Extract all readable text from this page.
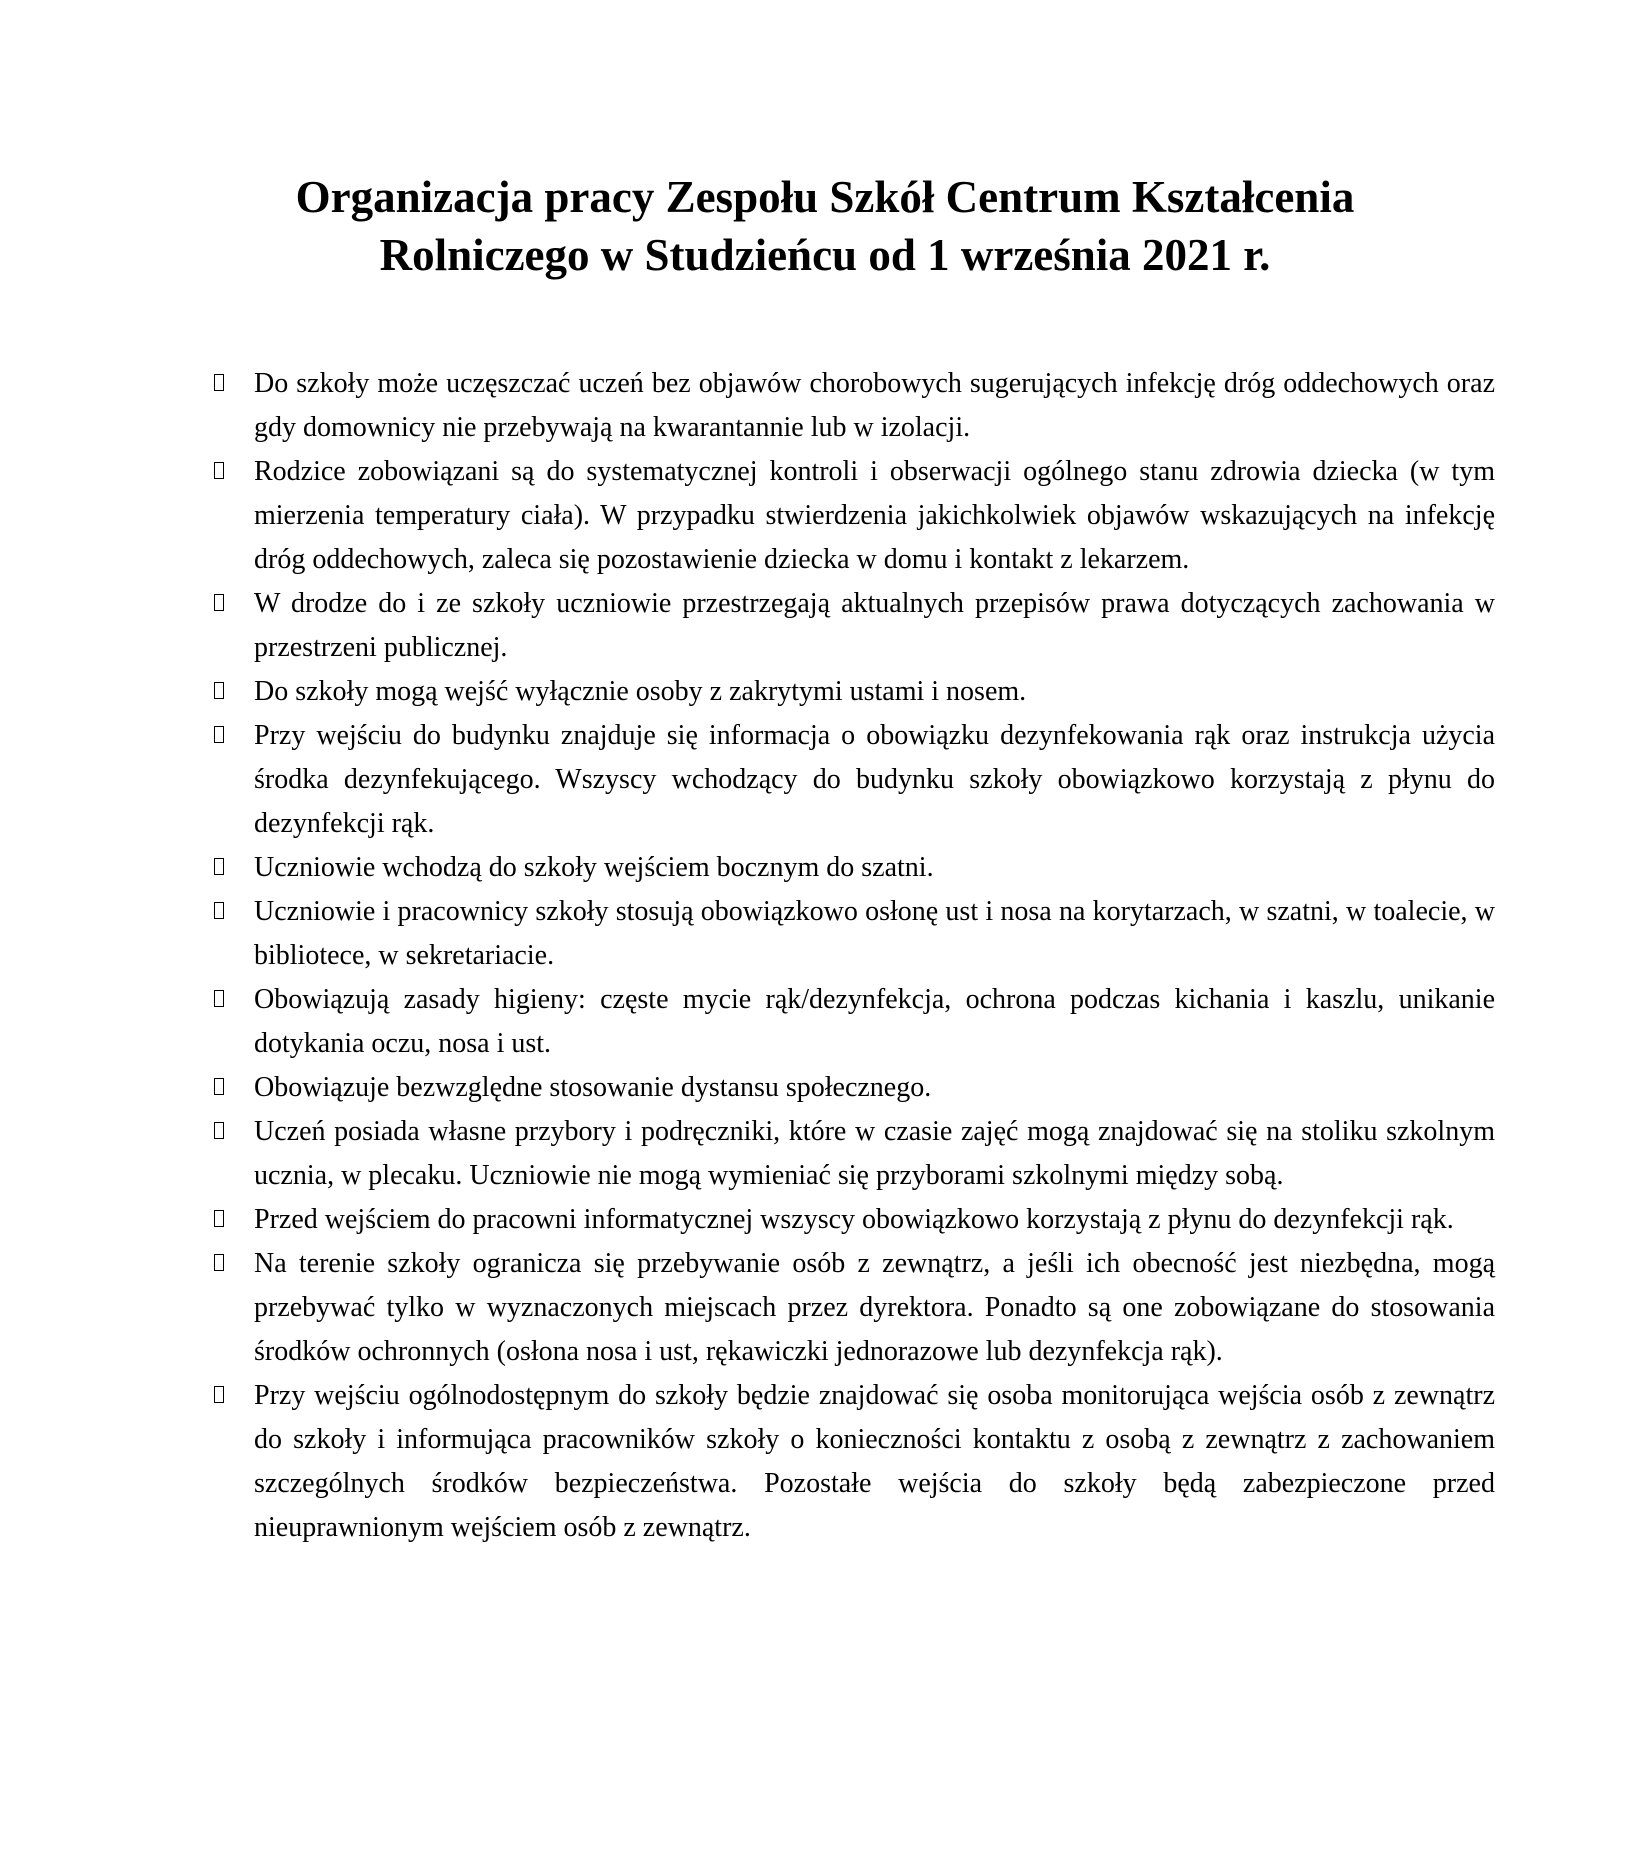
Organizacja pracy Zespołu Szkół Centrum Kształcenia
Rolniczego w Studzieńcu od 1 września 2021 r.
Do szkoły może uczęszczać uczeń bez objawów chorobowych sugerujących infekcję dróg oddechowych oraz gdy domownicy nie przebywają na kwarantannie lub w izolacji.
Rodzice zobowiązani są do systematycznej kontroli i obserwacji ogólnego stanu zdrowia dziecka (w tym mierzenia temperatury ciała). W przypadku stwierdzenia jakichkolwiek objawów wskazujących na infekcję dróg oddechowych, zaleca się pozostawienie dziecka w domu i kontakt z lekarzem.
W drodze do i ze szkoły uczniowie przestrzegają aktualnych przepisów prawa dotyczących zachowania w przestrzeni publicznej.
Do szkoły mogą wejść wyłącznie osoby z zakrytymi ustami i nosem.
Przy wejściu do budynku znajduje się informacja o obowiązku dezynfekowania rąk oraz instrukcja użycia środka dezynfekującego. Wszyscy wchodzący do budynku szkoły obowiązkowo korzystają z płynu do dezynfekcji rąk.
Uczniowie wchodzą do szkoły wejściem bocznym do szatni.
Uczniowie i pracownicy szkoły stosują obowiązkowo osłonę ust i nosa na korytarzach, w szatni, w toalecie, w bibliotece, w sekretariacie.
Obowiązują zasady higieny: częste mycie rąk/dezynfekcja, ochrona podczas kichania i kaszlu, unikanie dotykania oczu, nosa i ust.
Obowiązuje bezwzględne stosowanie dystansu społecznego.
Uczeń posiada własne przybory i podręczniki, które w czasie zajęć mogą znajdować się na stoliku szkolnym ucznia, w plecaku. Uczniowie nie mogą wymieniać się przyborami szkolnymi między sobą.
Przed wejściem do pracowni informatycznej wszyscy obowiązkowo korzystają z płynu do dezynfekcji rąk.
Na terenie szkoły ogranicza się przebywanie osób z zewnątrz, a jeśli ich obecność jest niezbędna, mogą przebywać tylko w wyznaczonych miejscach przez dyrektora. Ponadto są one zobowiązane do stosowania środków ochronnych (osłona nosa i ust, rękawiczki jednorazowe lub dezynfekcja rąk).
Przy wejściu ogólnodostępnym do szkoły będzie znajdować się osoba monitorująca wejścia osób z zewnątrz do szkoły i informująca pracowników szkoły o konieczności kontaktu z osobą z zewnątrz z zachowaniem szczególnych środków bezpieczeństwa. Pozostałe wejścia do szkoły będą zabezpieczone przed nieuprawnionym wejściem osób z zewnątrz.
